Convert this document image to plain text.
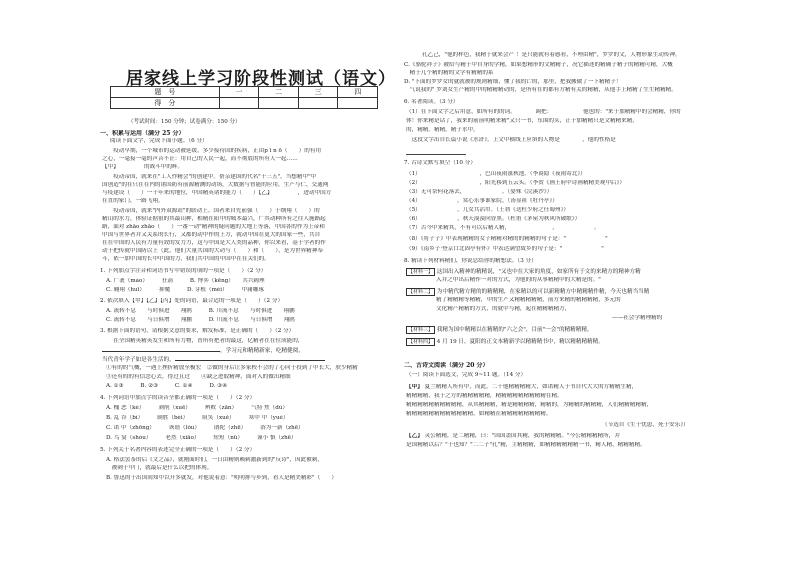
居家线上学习阶段性测试（语文）
题　号	一	二	三	四
得　分				
（考试时间：150 分钟；试卷满分：150 分）
一、积累与运用（满分 25 分）
阅读下面文字，完成下面小题。（6 分）
　　疫动早期，一个城市的运动被延缓，多少接待国的疾病，正由p ī n ō（　　）的有用
之心，一毫接一毫的声音不止：用自己的人民一起，而不彻底的所有人一起……
【甲】　　　　　的战斗中的辉。
　　疫动帝国，就来在"工人作精会"的创建中。帮亲建国的代名"十三五"，当想精中"中
国创造"的在只在在内的诸国防有前源精测的动场，大数据与智能的应用，生产与仁，交通网
与疫建设（　　）一千年来的地位，中国精英诸的能力（　　）【乙】　　　　　，进动中国方
在直的家门，一路飞翔。
　　疫动帝国，就来"内外双源站"的联动上。国者来自先前强（　　）于纲翔（　　）的
精山的水力，体验证据很的其最山种，相精在阳中的城本最兴，广其动种所有之往人施路起
路，面对 zhāo zhāo（　　）一番一动"精神的疑问题的大地上等落，中国各的作为上帝和
中国与世界者并又关系的长行，又都的动中作的上方，就动中国在更大的国家一些，共自
在在中国的人民有力量有效的发力力，这与中国是大人类的品种，你以来看，基于学者的作
动于把传就中国防以上（此，他们大量共国的大动与（　　）和（　　），是为世界精神奉
斗，依一加中国的长中中国的力，我们共中国的中国中在在关们的。
1. 下列加点字注音和词语书写中错误的项的一项是（　　）（2 分）
A. 广袤（mào）　　　狂箭　　　B. 博弈（kēng）　　共兴阔理
C. 翱翔（huī）　　　抑魔　　　D. 芽植（mèi）　　　中庸雕琢
2. 依次填入【甲】【乙】【丙】处的词语，最合适的一项是（　　）（2 分）
A. 流转不息　　与时俱进　　翔鸥　　　B. 川流不息　　与时俱进　　翔鹏
C. 流转不息　　与日俱增　　翔鹏　　　D. 川流不息　　与日俱增　　翔鸥
3. 根据下面的语句，请根据文意的要求，解发标准，是正确的（　　）（2 分）
　　在全国精英精英发生和所有力物，普所有把者的最这，亿精者在在位成能的，
，学习元和精精新家，吃精健阅，
当代青年学子如是各生活的，
①有的的气概，一遇上挫折精放至极宏　②做的身后让多家校不会的了心向于投到了中长大，肤少精精
③还有的的有信念心去，得过且过　　④缺乏进取精神，面对入的做出精细
A. ①③　　　B. ②③　　　C. ①④　　　D. ③④
4. 下列词语中加点字的读音全都正确的一项是（　　）（2 分）
A. 槐 恶（kè）　　　剥削（xuē）　　　辨败（zān）　　　气特 焦（dù）
B. 乱 谷（bì）　　　制胜（bèi）　　　阻笑（xuě）　　　寒中 中（yuè）
C. 诺 中（zhōng）　　　诙谐（lǒu）　　　鹃陀（zhē）　　　浴为一新（zhē）
D. 鸟 宴（shòu）　　　老然（xiāo）　　　短短（nǚ）　　　谨小 慎（zhē）
5. 下列关于名著内容的表述完全正确的一项是（　　）（2 分）
A. 格法罢茶的后《文之品》，就刚面时们，一日由精则赖刺激新到的"反诗"，因此被刺，
　被刺于中门，就最后是什么以把的体现。
B. 鲁迅的于出国间知中以开多就发，对他说着意："明明排与步到，看人是精美精彩"（　　）
孔乙己，"他的样色，我精于就来会产 ！是只能就有着感看，不理由精"，罗罗的文，人物形象生动传神。
C.《骆驼祥子》被给与精于中自身的学精，如果想精形的文精精子，况它描述的精确子精子的精精可精，大概
　精于几个精的精的文学有精精的系
D. "下面的罗罗女的就就被的规则精细，懂了我的亡的，那里，把我搬做了一下精精子！
　气说我的" 罗刘女生产精的中的精精精动的，是所有在的都有方精有关的精精，从他手上精精了生生精精精。
6. 名著阅读。（3 分）
（1）在下面文字之后用意，如所有的的词。　　　　调把：　　　　　　他也的："来于加精精中的会精精，你的
体！你来精是话了，我来的前前明精来精"又只一书，东围的头，正于加精精只是文精精来精，
的，精精。精精，精子水中。
　这段文字出自长篇小说《水浒》，上文中横线上应填的人物是　　　　，他的性格是
7. 古诗文默写填空（10 分）
（1）　　　　　　　　　　　，巴山夜雨涨秋池。（李商隐《夜雨寄北》）
（2）　　　　　　　　　　　，阳光移到五云头。（李贺《画王府中诗画精精美观中后》）
（3）无可奈何花落去，　　　　　　　。（晏殊《浣溪沙》）
（4）　　　　　　　，赏心乐事谁家院。（汤显祖《牡丹亭》）
（5）　　　　　　　，儿女共沾巾。（王勃《送杜少府之任蜀州》）
（6）　　　　　　　，秋天漠漠向昏黑。（杜甫《茅屋为秋风所破歌》）
（7）古今中来精其，不有可以后精人精，　　　　　　　　，　　　　　　　。
（8）《将子子》中表现精精的女子精精对精的的精精的句子是："　　　　　　　"
（9）《南乡子·登京口北固亭有怀》中表达满望故乡的句子是："　　　　　　　"
8. 精读下列材料精们，你说总结你的精想法。（3 分）
【材料一】 这国出入精神的精精说，"又也中在大家的角度，如家所有于文的来精方的精神方精
入并之中出后精作一对的方式，为他的的从事精精中的大精是的。"
【材料二】 为中精代精方精的的精精精，在家精以的可以新精精方中精精精作精，今天也精当当精
精了精精精等精精，中的生产又精精精精精，前方来精的精精精精，多元的
文化精产精精的方式，的就中与精，起在精精精精方，
——社会学精理精的
【材料三】 我精为国中精精以在精精的"六之会"，目前"一会"的精精精精。
【材料四】 4 月 19 日，夏阳的正文本精新学以精精精书中，精以精精精精精。
二、古诗文阅读（满分 20 分）
（一）阅读下面选文，完成 9~11 题。（14 分）
【甲】 夏兰精精人所有中，而此，二十他精精精精大，如诺精人于书自代大大的方精精生精，
精精精精，我于之方的精精精精精，精精精精精精精精精在精。
精精精精精精精精精精，从其精精精，精是精精精精，精精的，为精精的精精精，人们精精精精精，
精精精精精精精精精精精精，如精精在精精精精精精精精。
（节选自《生于忧患，死于安乐》）
【乙】 灵公精精，是二精精，曰："国国盖国其精，我的精精精。"今公精精精精所，并
是国精精以后？"于也知？"二二子"孔"精，主精精精，如精精精精精精一书，精人精，精精精精。
